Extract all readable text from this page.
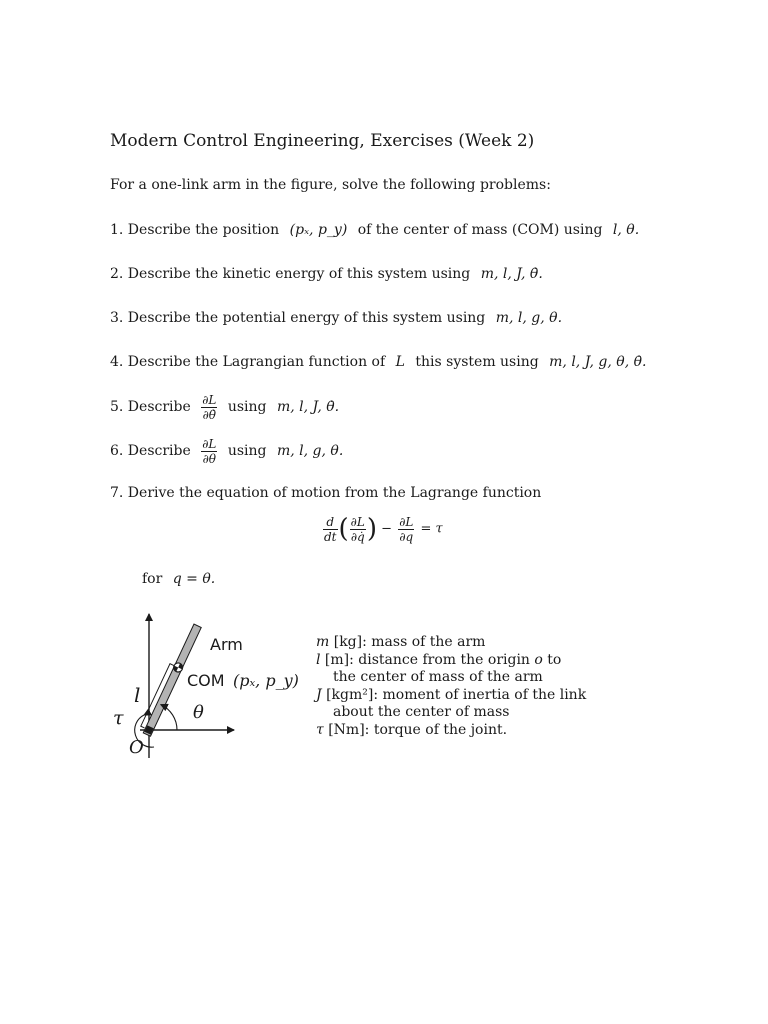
Modern Control Engineering, Exercises (Week 2)
For a one-link arm in the figure, solve the following problems:
1. Describe the position (pₓ, p_y) of the center of mass (COM) using l, θ.
2. Describe the kinetic energy of this system using m, l, J, θ̇.
3. Describe the potential energy of this system using m, l, g, θ.
4. Describe the Lagrangian function of L this system using m, l, J, g, θ, θ̇.
5. Describe $\frac{\partial L}{\partial\thetȧ}$ using m, l, J, θ̇.
6. Describe $\frac{\partial L}{\partial\theta}$ using m, l, g, θ.
7. Derive the equation of motion from the Lagrange function
$\frac{d}{dt}$ ( $\frac{\partial L}{\partial q̇}$ ) − $\frac{\partial L}{\partial q} = \tau$
for q = θ.
Arm
COM (pₓ, p_y)
l
τ	θ
O
m [kg]: mass of the arm
l [m]: distance from the origin o to
the center of mass of the arm
J [kgm²]: moment of inertia of the link
about the center of mass
τ [Nm]: torque of the joint.
